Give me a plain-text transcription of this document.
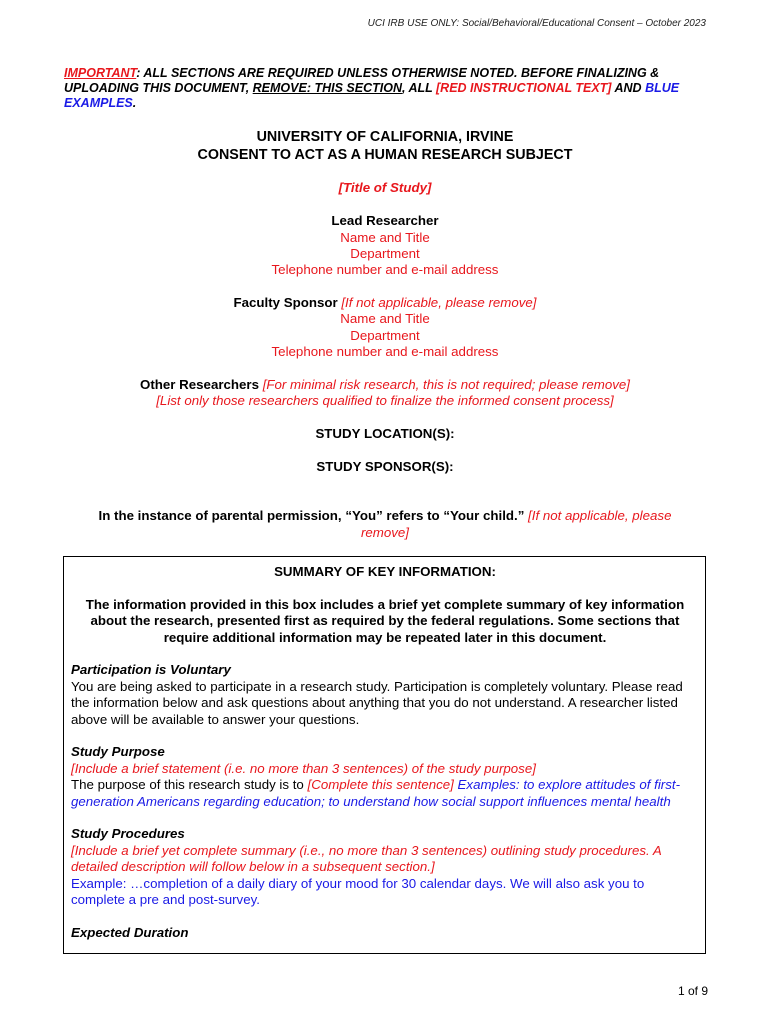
UCI IRB USE ONLY: Social/Behavioral/Educational Consent – October 2023
IMPORTANT: ALL SECTIONS ARE REQUIRED UNLESS OTHERWISE NOTED. BEFORE FINALIZING & UPLOADING THIS DOCUMENT, REMOVE: THIS SECTION, ALL [RED INSTRUCTIONAL TEXT] AND BLUE EXAMPLES.
UNIVERSITY OF CALIFORNIA, IRVINE
CONSENT TO ACT AS A HUMAN RESEARCH SUBJECT
[Title of Study]
Lead Researcher
Name and Title
Department
Telephone number and e-mail address
Faculty Sponsor [If not applicable, please remove]
Name and Title
Department
Telephone number and e-mail address
Other Researchers [For minimal risk research, this is not required; please remove]
[List only those researchers qualified to finalize the informed consent process]
STUDY LOCATION(S):
STUDY SPONSOR(S):
In the instance of parental permission, “You” refers to “Your child.” [If not applicable, please remove]
SUMMARY OF KEY INFORMATION:
The information provided in this box includes a brief yet complete summary of key information about the research, presented first as required by the federal regulations. Some sections that require additional information may be repeated later in this document.
Participation is Voluntary
You are being asked to participate in a research study. Participation is completely voluntary. Please read the information below and ask questions about anything that you do not understand. A researcher listed above will be available to answer your questions.
Study Purpose
[Include a brief statement (i.e. no more than 3 sentences) of the study purpose]
The purpose of this research study is to [Complete this sentence] Examples: to explore attitudes of first-generation Americans regarding education; to understand how social support influences mental health
Study Procedures
[Include a brief yet complete summary (i.e., no more than 3 sentences) outlining study procedures. A detailed description will follow below in a subsequent section.]
Example: …completion of a daily diary of your mood for 30 calendar days. We will also ask you to complete a pre and post-survey.
Expected Duration
1 of 9
